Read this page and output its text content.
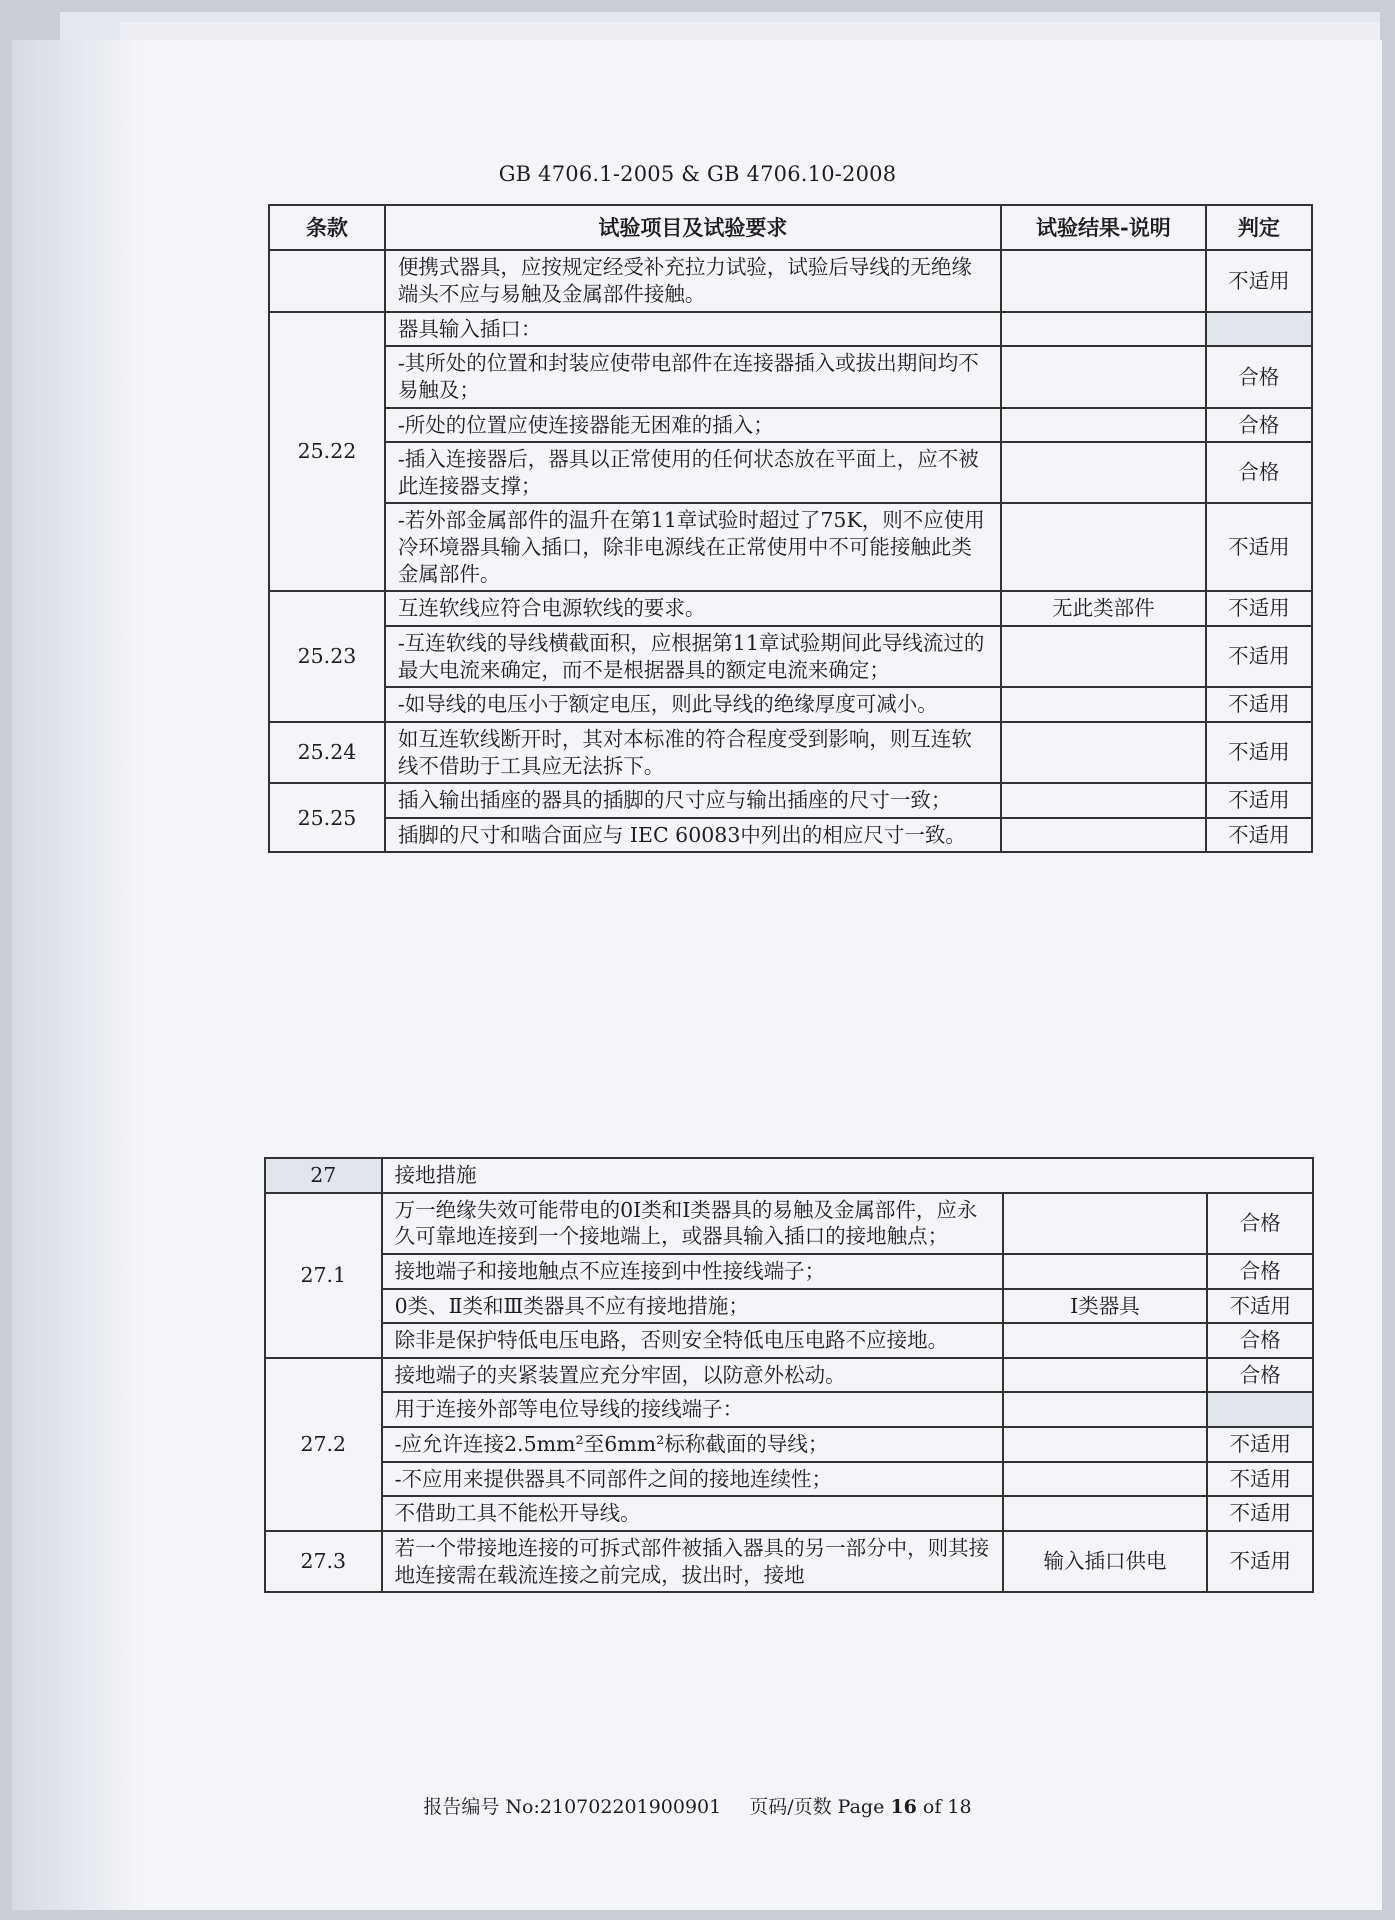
GB 4706.1-2005 & GB 4706.10-2008
条款	试验项目及试验要求	试验结果-说明	判定
	便携式器具，应按规定经受补充拉力试验，试验后导线的无绝缘端头不应与易触及金属部件接触。		不适用
25.22	器具输入插口：		
	-其所处的位置和封装应使带电部件在连接器插入或拔出期间均不易触及；		合格
	-所处的位置应使连接器能无困难的插入；		合格
	-插入连接器后，器具以正常使用的任何状态放在平面上，应不被此连接器支撑；		合格
	-若外部金属部件的温升在第11章试验时超过了75K，则不应使用冷环境器具输入插口，除非电源线在正常使用中不可能接触此类金属部件。		不适用
25.23	互连软线应符合电源软线的要求。	无此类部件	不适用
	-互连软线的导线横截面积，应根据第11章试验期间此导线流过的最大电流来确定，而不是根据器具的额定电流来确定；		不适用
	-如导线的电压小于额定电压，则此导线的绝缘厚度可减小。		不适用
25.24	如互连软线断开时，其对本标准的符合程度受到影响，则互连软线不借助于工具应无法拆下。		不适用
25.25	插入输出插座的器具的插脚的尺寸应与输出插座的尺寸一致；		不适用
	插脚的尺寸和啮合面应与 IEC 60083中列出的相应尺寸一致。		不适用
27	接地措施		
27.1	万一绝缘失效可能带电的0Ⅰ类和Ⅰ类器具的易触及金属部件，应永久可靠地连接到一个接地端上，或器具输入插口的接地触点；		合格
	接地端子和接地触点不应连接到中性接线端子；		合格
	0类、Ⅱ类和Ⅲ类器具不应有接地措施；	Ⅰ类器具	不适用
	除非是保护特低电压电路，否则安全特低电压电路不应接地。		合格
27.2	接地端子的夹紧装置应充分牢固，以防意外松动。		合格
	用于连接外部等电位导线的接线端子：		
	-应允许连接2.5mm²至6mm²标称截面的导线；		不适用
	-不应用来提供器具不同部件之间的接地连续性；		不适用
	不借助工具不能松开导线。		不适用
27.3	若一个带接地连接的可拆式部件被插入器具的另一部分中，则其接地连接需在载流连接之前完成，拔出时，接地	输入插口供电	不适用
报告编号 No:210702201900901 页码/页数 Page 16 of 18
